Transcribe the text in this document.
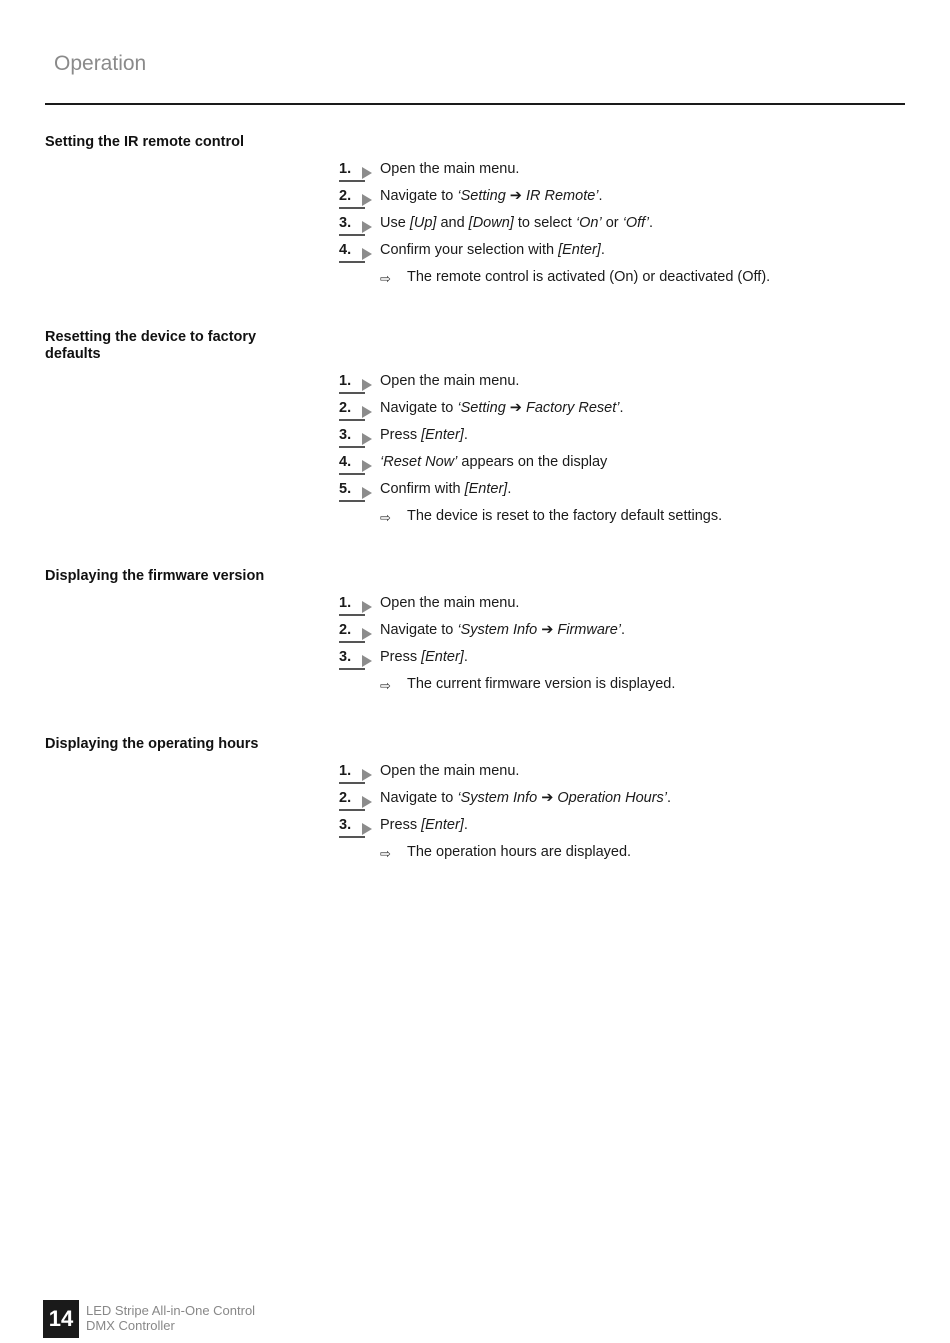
Operation
Setting the IR remote control
1.	Open the main menu.
2.	Navigate to ‘Setting ➔ IR Remote’.
3.	Use [Up] and [Down] to select ‘On’ or ‘Off’.
4.	Confirm your selection with [Enter].
⇨ The remote control is activated (On) or deactivated (Off).
Resetting the device to factory defaults
1.	Open the main menu.
2.	Navigate to ‘Setting ➔ Factory Reset’.
3.	Press [Enter].
4.	‘Reset Now’ appears on the display
5.	Confirm with [Enter].
⇨ The device is reset to the factory default settings.
Displaying the firmware version
1.	Open the main menu.
2.	Navigate to ‘System Info ➔ Firmware’.
3.	Press [Enter].
⇨ The current firmware version is displayed.
Displaying the operating hours
1.	Open the main menu.
2.	Navigate to ‘System Info ➔ Operation Hours’.
3.	Press [Enter].
⇨ The operation hours are displayed.
14 LED Stripe All-in-One Control
DMX Controller
